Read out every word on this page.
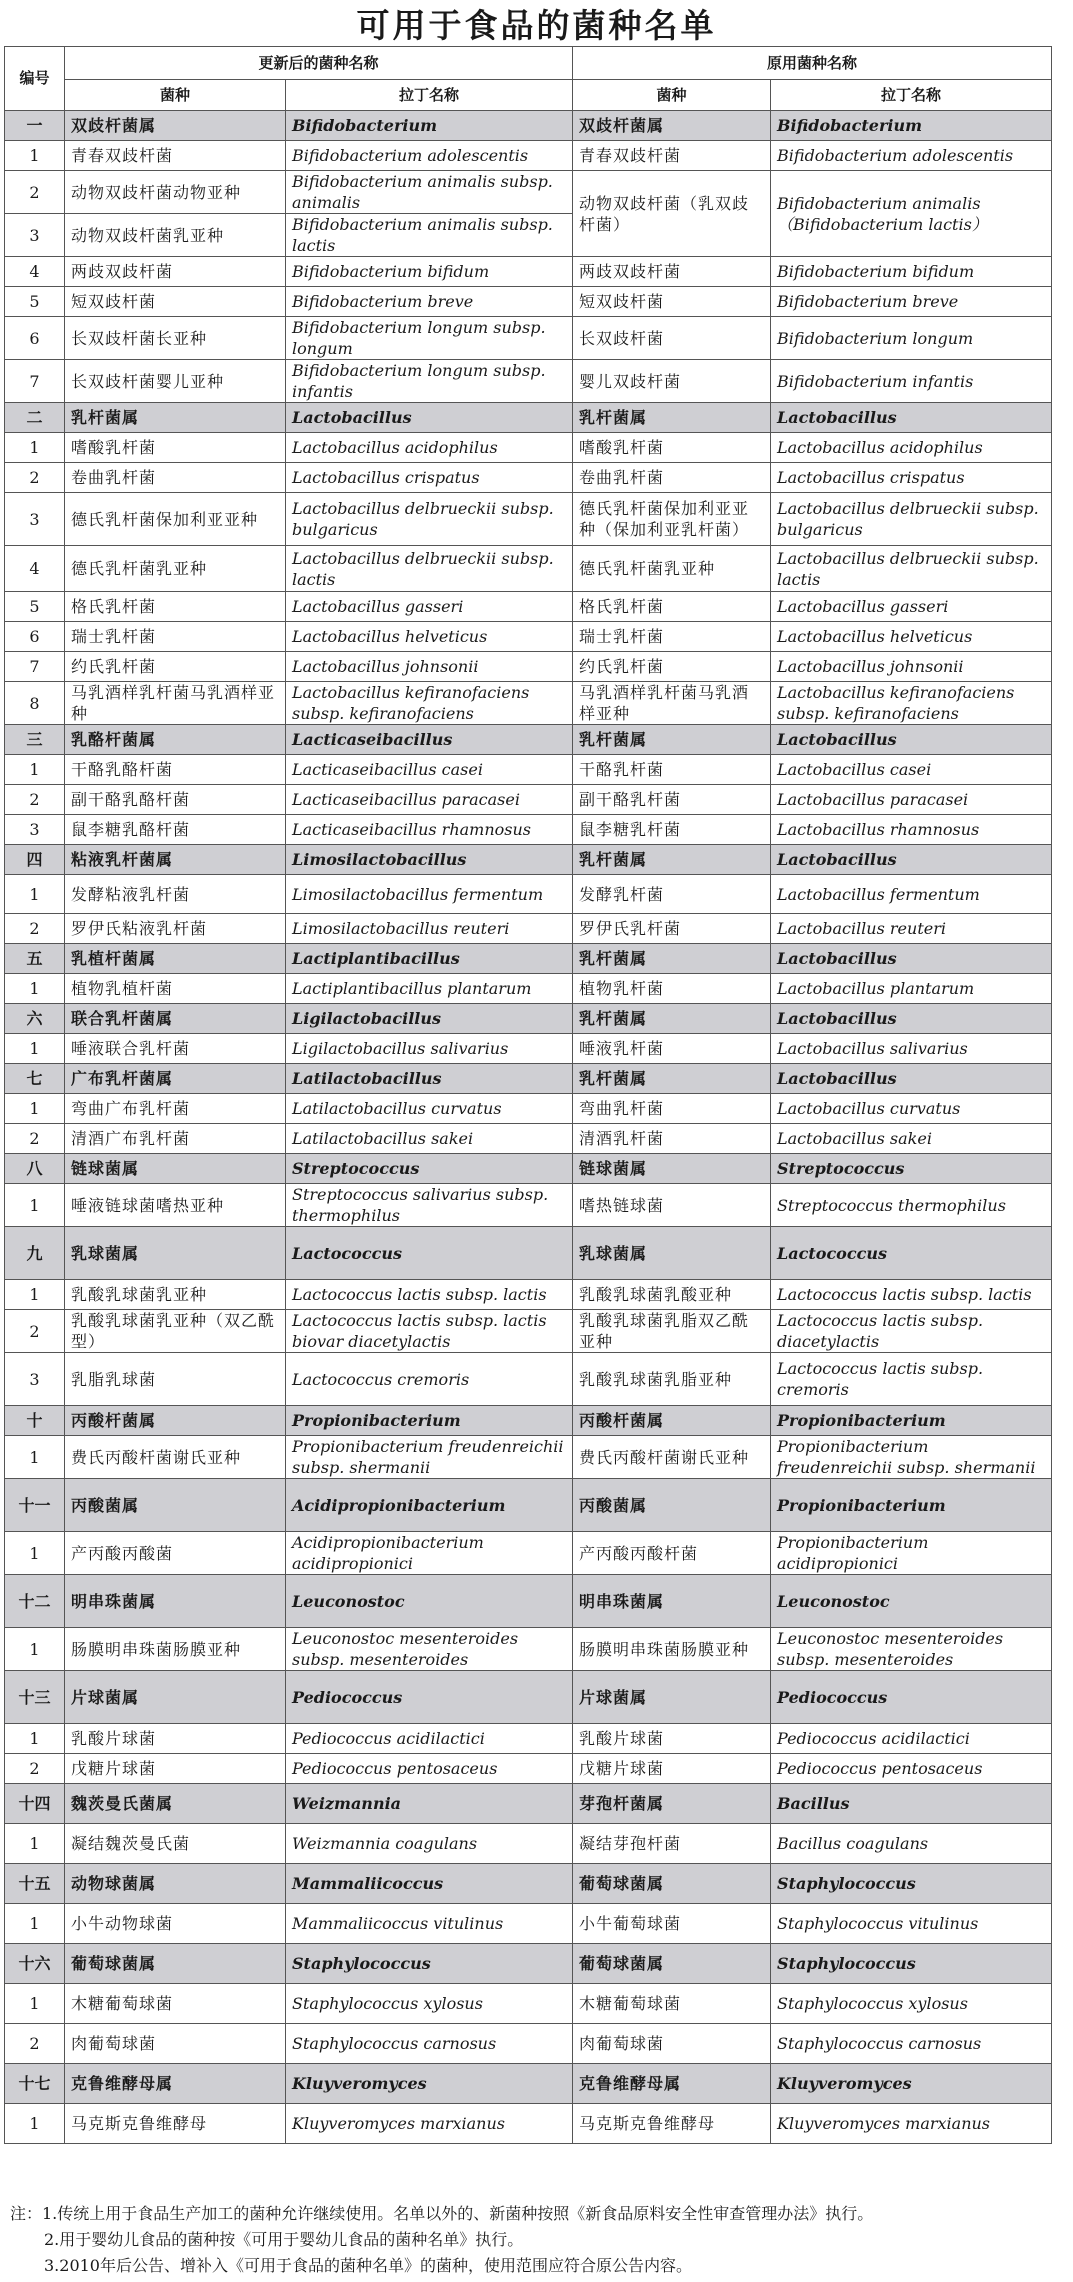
可用于食品的菌种名单
编号	更新后的菌种名称		原用菌种名称	
	菌种	拉丁名称	菌种	拉丁名称
一	双歧杆菌属	Bifidobacterium	双歧杆菌属	Bifidobacterium
1	青春双歧杆菌	Bifidobacterium adolescentis	青春双歧杆菌	Bifidobacterium adolescentis
2	动物双歧杆菌动物亚种	Bifidobacterium animalis subsp. animalis	动物双歧杆菌（乳双歧杆菌）	Bifidobacterium animalis （Bifidobacterium lactis）
3	动物双歧杆菌乳亚种	Bifidobacterium animalis subsp. lactis		
4	两歧双歧杆菌	Bifidobacterium bifidum	两歧双歧杆菌	Bifidobacterium bifidum
5	短双歧杆菌	Bifidobacterium breve	短双歧杆菌	Bifidobacterium breve
6	长双歧杆菌长亚种	Bifidobacterium longum subsp. longum	长双歧杆菌	Bifidobacterium longum
7	长双歧杆菌婴儿亚种	Bifidobacterium longum subsp. infantis	婴儿双歧杆菌	Bifidobacterium infantis
二	乳杆菌属	Lactobacillus	乳杆菌属	Lactobacillus
1	嗜酸乳杆菌	Lactobacillus acidophilus	嗜酸乳杆菌	Lactobacillus acidophilus
2	卷曲乳杆菌	Lactobacillus crispatus	卷曲乳杆菌	Lactobacillus crispatus
3	德氏乳杆菌保加利亚亚种	Lactobacillus delbrueckii subsp. bulgaricus	德氏乳杆菌保加利亚亚种（保加利亚乳杆菌）	Lactobacillus delbrueckii subsp. bulgaricus
4	德氏乳杆菌乳亚种	Lactobacillus delbrueckii subsp. lactis	德氏乳杆菌乳亚种	Lactobacillus delbrueckii subsp. lactis
5	格氏乳杆菌	Lactobacillus gasseri	格氏乳杆菌	Lactobacillus gasseri
6	瑞士乳杆菌	Lactobacillus helveticus	瑞士乳杆菌	Lactobacillus helveticus
7	约氏乳杆菌	Lactobacillus johnsonii	约氏乳杆菌	Lactobacillus johnsonii
8	马乳酒样乳杆菌马乳酒样亚种	Lactobacillus kefiranofaciens subsp. kefiranofaciens	马乳酒样乳杆菌马乳酒样亚种	Lactobacillus kefiranofaciens subsp. kefiranofaciens
三	乳酪杆菌属	Lacticaseibacillus	乳杆菌属	Lactobacillus
1	干酪乳酪杆菌	Lacticaseibacillus casei	干酪乳杆菌	Lactobacillus casei
2	副干酪乳酪杆菌	Lacticaseibacillus paracasei	副干酪乳杆菌	Lactobacillus paracasei
3	鼠李糖乳酪杆菌	Lacticaseibacillus rhamnosus	鼠李糖乳杆菌	Lactobacillus rhamnosus
四	粘液乳杆菌属	Limosilactobacillus	乳杆菌属	Lactobacillus
1	发酵粘液乳杆菌	Limosilactobacillus fermentum	发酵乳杆菌	Lactobacillus fermentum
2	罗伊氏粘液乳杆菌	Limosilactobacillus reuteri	罗伊氏乳杆菌	Lactobacillus reuteri
五	乳植杆菌属	Lactiplantibacillus	乳杆菌属	Lactobacillus
1	植物乳植杆菌	Lactiplantibacillus plantarum	植物乳杆菌	Lactobacillus plantarum
六	联合乳杆菌属	Ligilactobacillus	乳杆菌属	Lactobacillus
1	唾液联合乳杆菌	Ligilactobacillus salivarius	唾液乳杆菌	Lactobacillus salivarius
七	广布乳杆菌属	Latilactobacillus	乳杆菌属	Lactobacillus
1	弯曲广布乳杆菌	Latilactobacillus curvatus	弯曲乳杆菌	Lactobacillus curvatus
2	清酒广布乳杆菌	Latilactobacillus sakei	清酒乳杆菌	Lactobacillus sakei
八	链球菌属	Streptococcus	链球菌属	Streptococcus
1	唾液链球菌嗜热亚种	Streptococcus salivarius subsp. thermophilus	嗜热链球菌	Streptococcus thermophilus
九	乳球菌属	Lactococcus	乳球菌属	Lactococcus
1	乳酸乳球菌乳亚种	Lactococcus lactis subsp. lactis	乳酸乳球菌乳酸亚种	Lactococcus lactis subsp. lactis
2	乳酸乳球菌乳亚种（双乙酰型）	Lactococcus lactis subsp. lactis biovar diacetylactis	乳酸乳球菌乳脂双乙酰亚种	Lactococcus lactis subsp. diacetylactis
3	乳脂乳球菌	Lactococcus cremoris	乳酸乳球菌乳脂亚种	Lactococcus lactis subsp. cremoris
十	丙酸杆菌属	Propionibacterium	丙酸杆菌属	Propionibacterium
1	费氏丙酸杆菌谢氏亚种	Propionibacterium freudenreichii subsp. shermanii	费氏丙酸杆菌谢氏亚种	Propionibacterium freudenreichii subsp. shermanii
十一	丙酸菌属	Acidipropionibacterium	丙酸菌属	Propionibacterium
1	产丙酸丙酸菌	Acidipropionibacterium acidipropionici	产丙酸丙酸杆菌	Propionibacterium acidipropionici
十二	明串珠菌属	Leuconostoc	明串珠菌属	Leuconostoc
1	肠膜明串珠菌肠膜亚种	Leuconostoc mesenteroides subsp. mesenteroides	肠膜明串珠菌肠膜亚种	Leuconostoc mesenteroides subsp. mesenteroides
十三	片球菌属	Pediococcus	片球菌属	Pediococcus
1	乳酸片球菌	Pediococcus acidilactici	乳酸片球菌	Pediococcus acidilactici
2	戊糖片球菌	Pediococcus pentosaceus	戊糖片球菌	Pediococcus pentosaceus
十四	魏茨曼氏菌属	Weizmannia	芽孢杆菌属	Bacillus
1	凝结魏茨曼氏菌	Weizmannia coagulans	凝结芽孢杆菌	Bacillus coagulans
十五	动物球菌属	Mammaliicoccus	葡萄球菌属	Staphylococcus
1	小牛动物球菌	Mammaliicoccus vitulinus	小牛葡萄球菌	Staphylococcus vitulinus
十六	葡萄球菌属	Staphylococcus	葡萄球菌属	Staphylococcus
1	木糖葡萄球菌	Staphylococcus xylosus	木糖葡萄球菌	Staphylococcus xylosus
2	肉葡萄球菌	Staphylococcus carnosus	肉葡萄球菌	Staphylococcus carnosus
十七	克鲁维酵母属	Kluyveromyces	克鲁维酵母属	Kluyveromyces
1	马克斯克鲁维酵母	Kluyveromyces marxianus	马克斯克鲁维酵母	Kluyveromyces marxianus
注：1.传统上用于食品生产加工的菌种允许继续使用。名单以外的、新菌种按照《新食品原料安全性审查管理办法》执行。
2.用于婴幼儿食品的菌种按《可用于婴幼儿食品的菌种名单》执行。
3.2010年后公告、增补入《可用于食品的菌种名单》的菌种，使用范围应符合原公告内容。
